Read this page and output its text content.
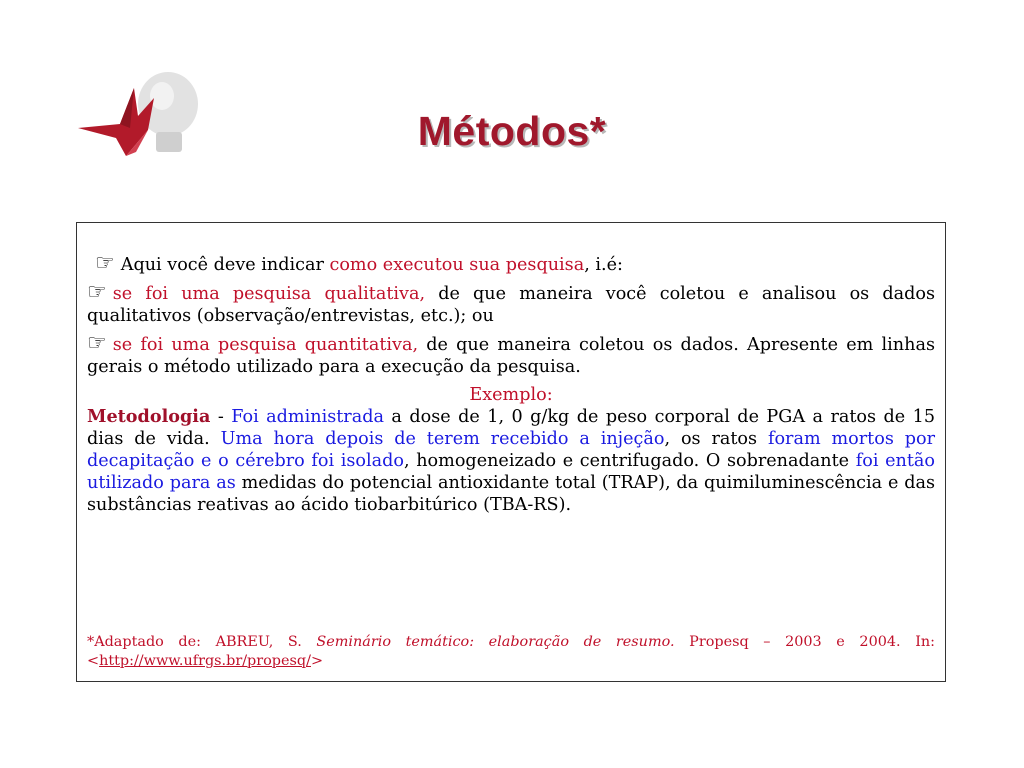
Métodos*

☞ Aqui você deve indicar como executou sua pesquisa, i.é:

☞ se foi uma pesquisa qualitativa, de que maneira você coletou e analisou os dados qualitativos (observação/entrevistas, etc.); ou

☞ se foi uma pesquisa quantitativa, de que maneira coletou os dados. Apresente em linhas gerais o método utilizado para a execução da pesquisa.

Exemplo:

Metodologia - Foi administrada a dose de 1, 0 g/kg de peso corporal de PGA a ratos de 15 dias de vida. Uma hora depois de terem recebido a injeção, os ratos foram mortos por decapitação e o cérebro foi isolado, homogeneizado e centrifugado. O sobrenadante foi então utilizado para as medidas do potencial antioxidante total (TRAP), da quimiluminescência e das substâncias reativas ao ácido tiobarbitúrico (TBA-RS).

*Adaptado de: ABREU, S. Seminário temático: elaboração de resumo. Propesq – 2003 e 2004. In:<http://www.ufrgs.br/propesq/>
